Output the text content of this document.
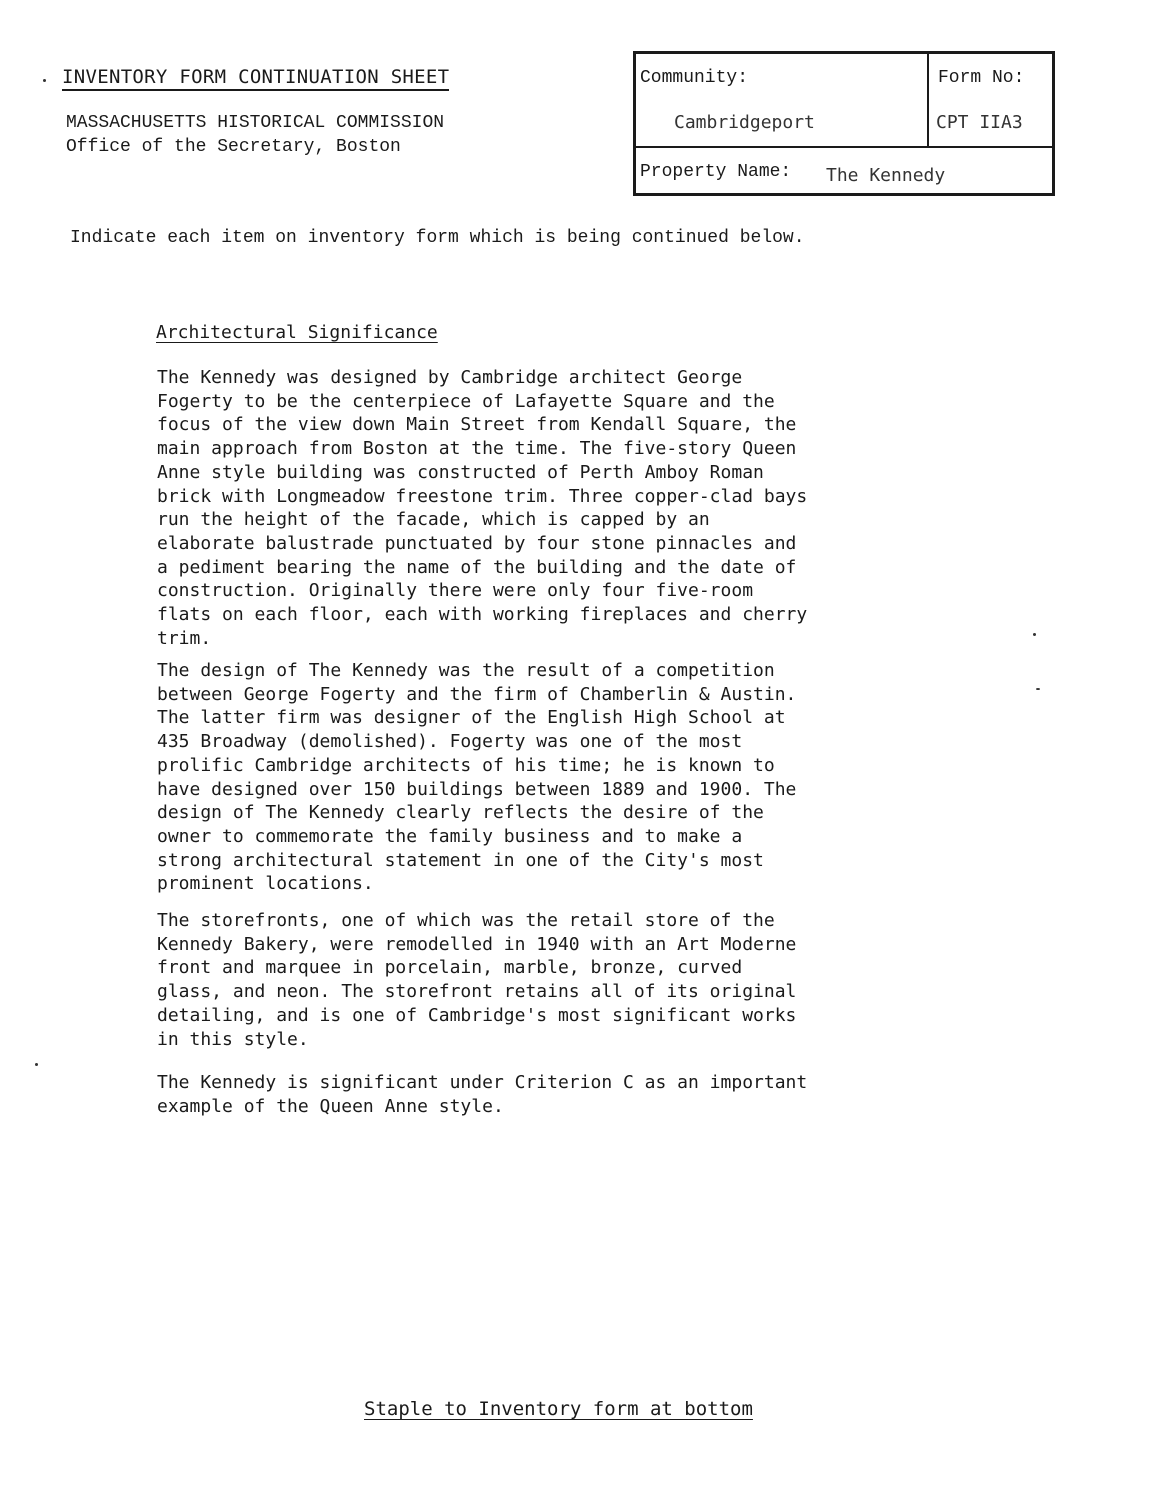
INVENTORY FORM CONTINUATION SHEET
MASSACHUSETTS HISTORICAL COMMISSION
Office of the Secretary, Boston
Community:
Cambridgeport
Form No:
CPT IIA3
Property Name: The Kennedy
Indicate each item on inventory form which is being continued below.
Architectural Significance
The Kennedy was designed by Cambridge architect George
Fogerty to be the centerpiece of Lafayette Square and the
focus of the view down Main Street from Kendall Square, the
main approach from Boston at the time. The five-story Queen
Anne style building was constructed of Perth Amboy Roman
brick with Longmeadow freestone trim. Three copper-clad bays
run the height of the facade, which is capped by an
elaborate balustrade punctuated by four stone pinnacles and
a pediment bearing the name of the building and the date of
construction. Originally there were only four five-room
flats on each floor, each with working fireplaces and cherry
trim.
The design of The Kennedy was the result of a competition
between George Fogerty and the firm of Chamberlin & Austin.
The latter firm was designer of the English High School at
435 Broadway (demolished). Fogerty was one of the most
prolific Cambridge architects of his time; he is known to
have designed over 150 buildings between 1889 and 1900. The
design of The Kennedy clearly reflects the desire of the
owner to commemorate the family business and to make a
strong architectural statement in one of the City's most
prominent locations.
The storefronts, one of which was the retail store of the
Kennedy Bakery, were remodelled in 1940 with an Art Moderne
front and marquee in porcelain, marble, bronze, curved
glass, and neon. The storefront retains all of its original
detailing, and is one of Cambridge's most significant works
in this style.
The Kennedy is significant under Criterion C as an important
example of the Queen Anne style.
Staple to Inventory form at bottom
